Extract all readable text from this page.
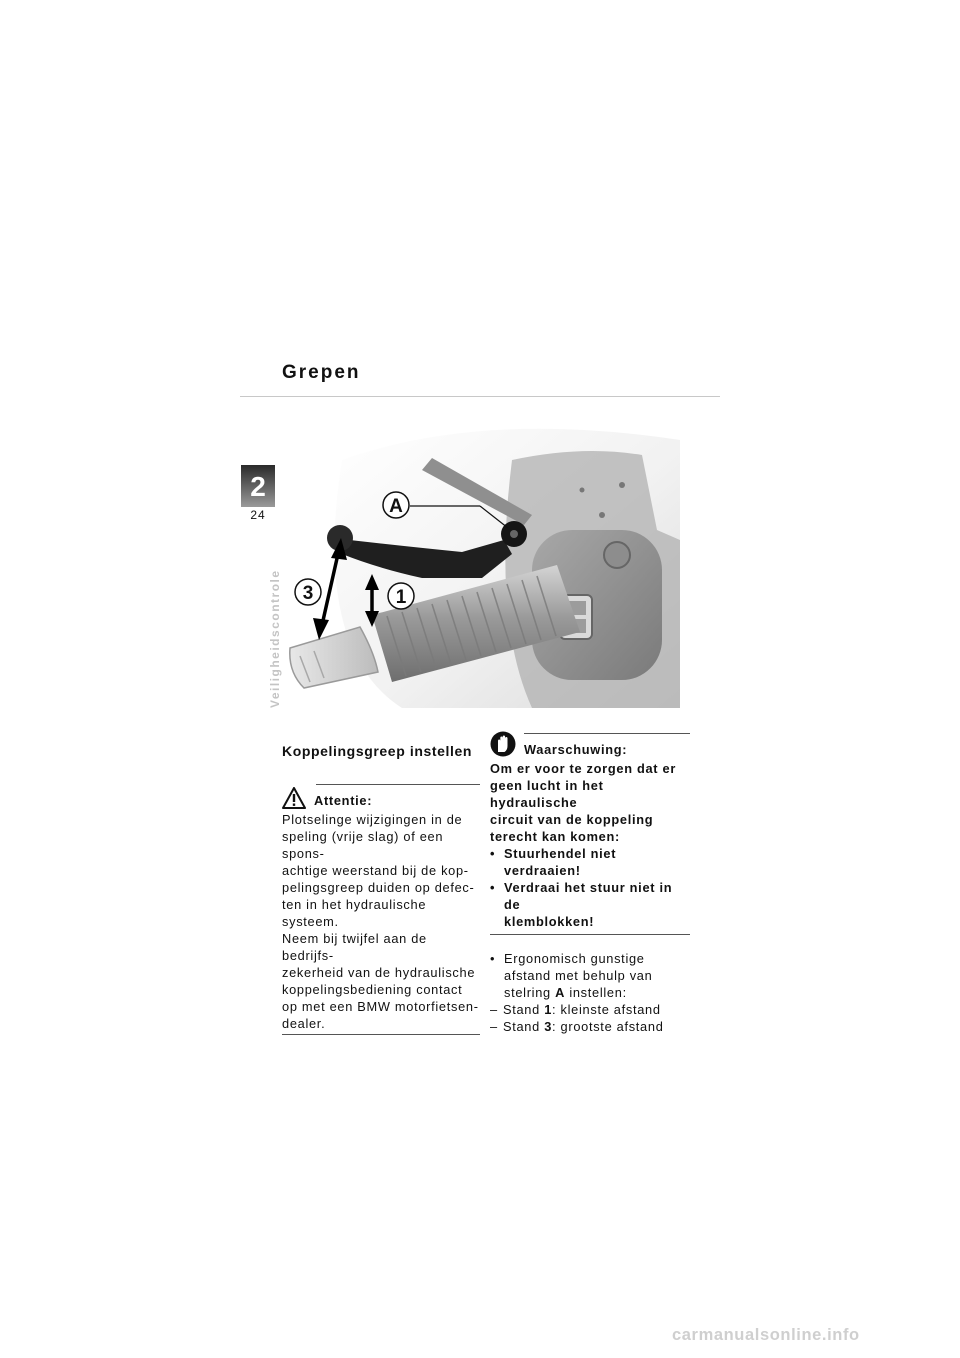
Grepen
2
24
Veiligheidscontrole
A
3	1
Koppelingsgreep instellen
Attentie:
Plotselinge wijzigingen in de
speling (vrije slag) of een spons-
achtige weerstand bij de kop-
pelingsgreep duiden op defec-
ten in het hydraulische
systeem.
Neem bij twijfel aan de bedrijfs-
zekerheid van de hydraulische
koppelingsbediening contact
op met een BMW motorfietsen-
dealer.
Waarschuwing:
Om er voor te zorgen dat er
geen lucht in het hydraulische
circuit van de koppeling
terecht kan komen:
• Stuurhendel niet
verdraaien!
• Verdraai het stuur niet in de
klemblokken!
• Ergonomisch gunstige
afstand met behulp van
stelring A instellen:
– Stand 1: kleinste afstand
– Stand 3: grootste afstand
carmanualsonline.info
